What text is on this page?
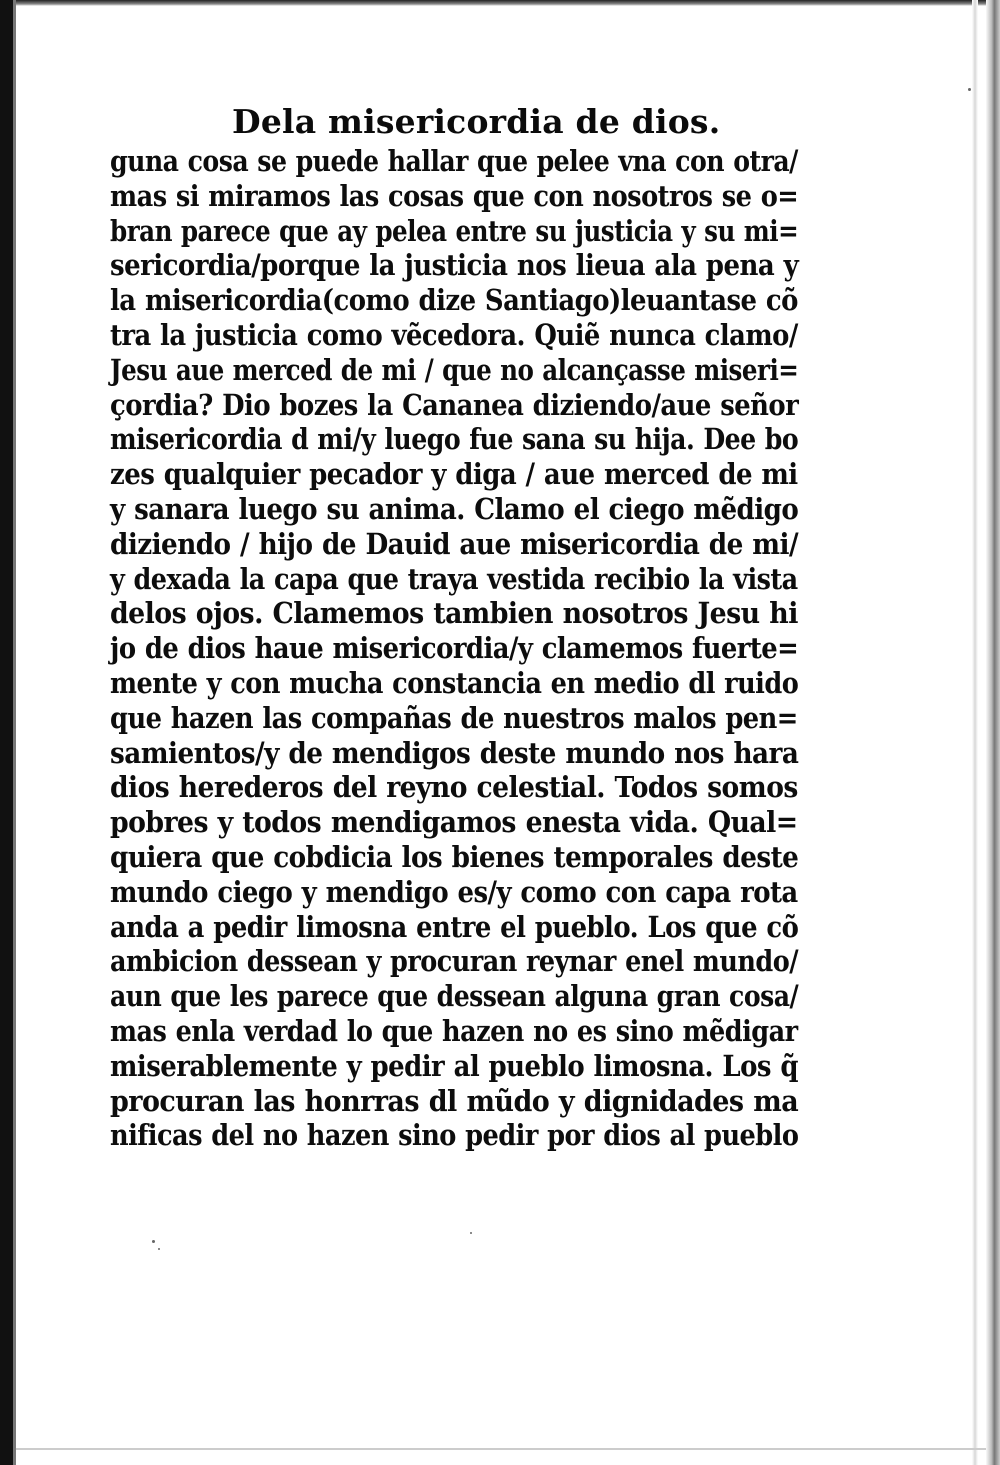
Dela misericordia de dios.
guna cosa se puede hallar que pelee vna con otra/
mas si miramos las cosas que con nosotros se o=
bran parece que ay pelea entre su justicia y su mi=
sericordia/porque la justicia nos lieua ala pena y
la misericordia(como dize Santiago)leuantase cõ
tra la justicia como vẽcedora. Quiẽ nunca clamo/
Jesu aue merced de mi / que no alcançasse miseri=
çordia? Dio bozes la Cananea diziendo/aue señor
misericordia d mi/y luego fue sana su hija. Dee bo
zes qualquier pecador y diga / aue merced de mi
y sanara luego su anima. Clamo el ciego mẽdigo
diziendo / hijo de Dauid aue misericordia de mi/
y dexada la capa que traya vestida recibio la vista
delos ojos. Clamemos tambien nosotros Jesu hi
jo de dios haue misericordia/y clamemos fuerte=
mente y con mucha constancia en medio dl ruido
que hazen las compañas de nuestros malos pen=
samientos/y de mendigos deste mundo nos hara
dios herederos del reyno celestial. Todos somos
pobres y todos mendigamos enesta vida. Qual=
quiera que cobdicia los bienes temporales deste
mundo ciego y mendigo es/y como con capa rota
anda a pedir limosna entre el pueblo. Los que cõ
ambicion dessean y procuran reynar enel mundo/
aun que les parece que dessean alguna gran cosa/
mas enla verdad lo que hazen no es sino mẽdigar
miserablemente y pedir al pueblo limosna. Los q̃
procuran las honrras dl mũdo y dignidades ma
nificas del no hazen sino pedir por dios al pueblo
